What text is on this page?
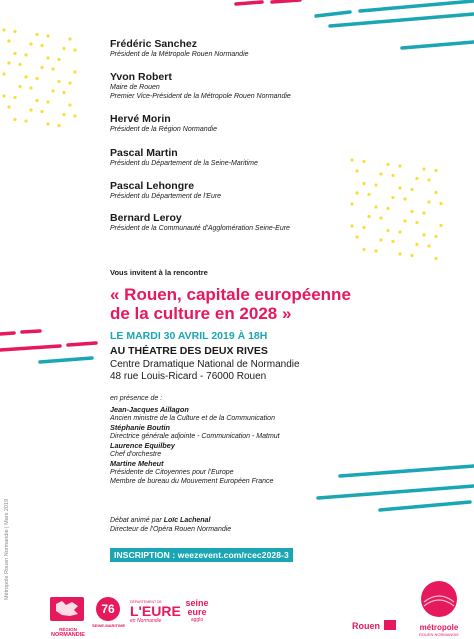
Frédéric Sanchez
Président de la Métropole Rouen Normandie
Yvon Robert
Maire de Rouen
Premier Vice-Président de la Métropole Rouen Normandie
Hervé Morin
Président de la Région Normandie
Pascal Martin
Président du Département de la Seine-Maritime
Pascal Lehongre
Président du Département de l'Eure
Bernard Leroy
Président de la Communauté d'Agglomération Seine-Eure
Vous invitent à la rencontre
« Rouen, capitale européenne
de la culture en 2028 »
LE MARDI 30 AVRIL 2019 À 18H
AU THÉATRE DES DEUX RIVES
Centre Dramatique National de Normandie
48 rue Louis-Ricard - 76000 Rouen
en présence de :
Jean-Jacques Aillagon
Ancien ministre de la Culture et de la Communication
Stéphanie Boutin
Directrice générale adjointe - Communication - Matmut
Laurence Equilbey
Chef d'orchestre
Martine Meheut
Présidente de Citoyennes pour l'Europe
Membre de bureau du Mouvement Européen France
Débat animé par Loïc Lachenal
Directeur de l'Opéra Rouen Normandie
INSCRIPTION : weezevent.com/rcec2028-3
Métropole Rouen Normandie | Mars 2019
RÉGION
NORMANDIE
76
SEINE-MARITIME
DÉPARTEMENT DE
L'EURE
en Normandie
seine
eure
agglo
Rouen	métropole
ROUEN NORMANDIE
